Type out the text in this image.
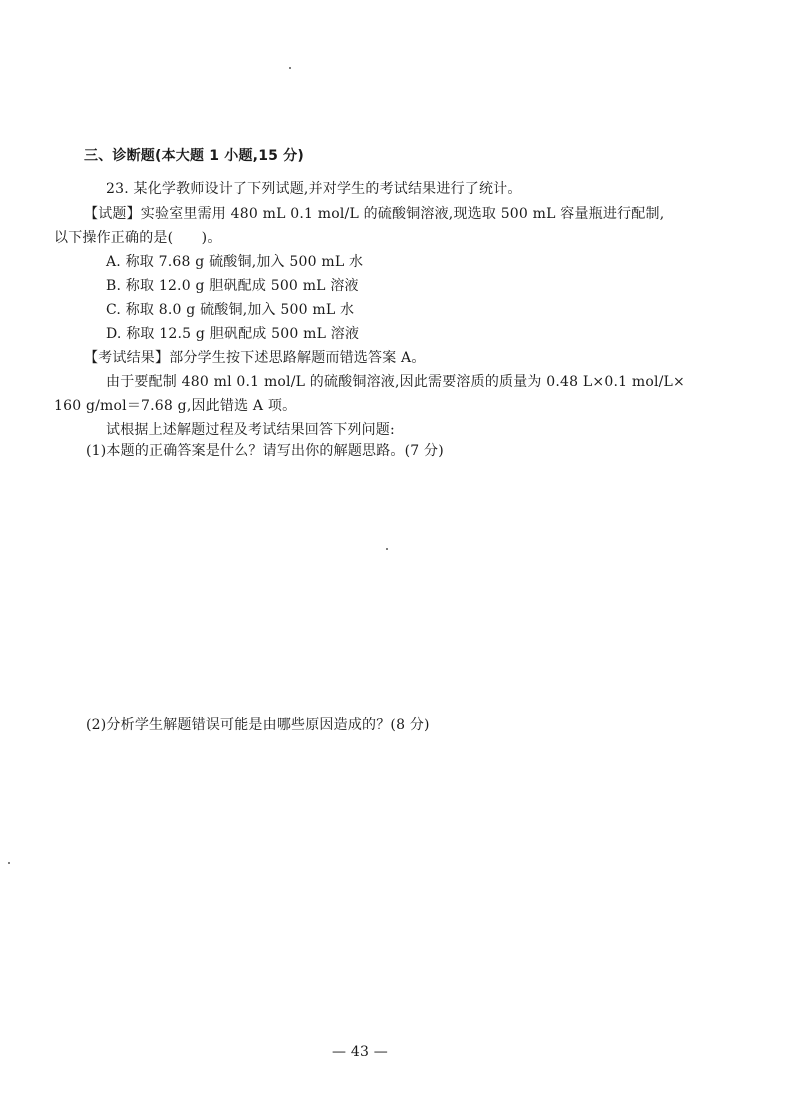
三、诊断题(本大题 1 小题,15 分)
23. 某化学教师设计了下列试题,并对学生的考试结果进行了统计。
【试题】实验室里需用 480 mL 0.1 mol/L 的硫酸铜溶液,现选取 500 mL 容量瓶进行配制,
以下操作正确的是(　　)。
A. 称取 7.68 g 硫酸铜,加入 500 mL 水
B. 称取 12.0 g 胆矾配成 500 mL 溶液
C. 称取 8.0 g 硫酸铜,加入 500 mL 水
D. 称取 12.5 g 胆矾配成 500 mL 溶液
【考试结果】部分学生按下述思路解题而错选答案 A。
由于要配制 480 ml 0.1 mol/L 的硫酸铜溶液,因此需要溶质的质量为 0.48 L×0.1 mol/L×
160 g/mol＝7.68 g,因此错选 A 项。
试根据上述解题过程及考试结果回答下列问题:
(1)本题的正确答案是什么？请写出你的解题思路。(7 分)
(2)分析学生解题错误可能是由哪些原因造成的？(8 分)
— 43 —
